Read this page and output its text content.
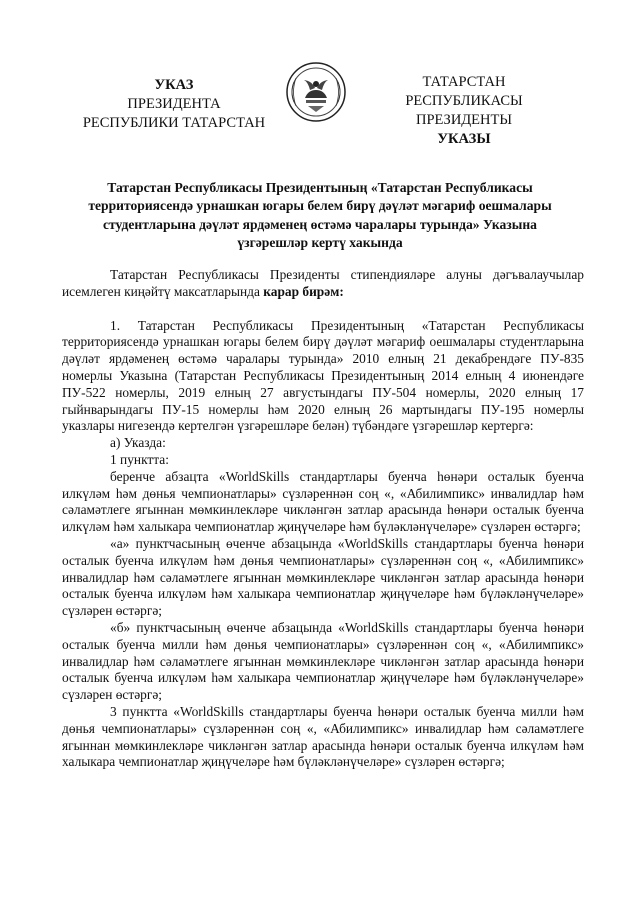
УКАЗ
ПРЕЗИДЕНТА
РЕСПУБЛИКИ ТАТАРСТАН
ТАТАРСТАН РЕСПУБЛИКАСЫ
ПРЕЗИДЕНТЫ
УКАЗЫ
Татарстан Республикасы Президентының «Татарстан Республикасы территориясендә урнашкан югары белем бирү дәүләт мәгариф оешмалары студентларына дәүләт ярдәменең өстәмә чаралары турында» Указына үзгәрешләр кертү хакында

Татарстан Республикасы Президенты стипендиялəре алуны дəгъвалаучылар исемлеген киңəйтү максатларында карар бирəм:

1. Татарстан Республикасы Президентының «Татарстан Республикасы территориясендә урнашкан югары белем бирү дәүләт мәгариф оешмалары студентларына дәүләт ярдәменең өстәмә чаралары турында» 2010 елның 21 декабрендәге ПУ-835 номерлы Указына (Татарстан Республикасы Президентының 2014 елның 4 июнендәге ПУ-522 номерлы, 2019 елның 27 августындагы ПУ-504 номерлы, 2020 елның 17 гыйнварындагы ПУ-15 номерлы һәм 2020 елның 26 мартындагы ПУ-195 номерлы указлары нигезендә кертелгән үзгәрешләре белән) түбәндәге үзгәрешләр кертергә:

а) Указда:

1 пунктта:

беренче абзацта «WorldSkills стандартлары буенча һөнәри осталык буенча илкүләм һәм дөнья чемпионатлары» сүзләреннән соң «, «Абилимпикс» инвалидлар һәм сәламәтлеге ягыннан мөмкинлекләре чикләнгән затлар арасында һөнәри осталык буенча илкүләм һәм халыкара чемпионатлар җиңүчеләре һәм бүләкләнүчеләре» сүзләрен өстәргә;

«а» пунктчасының өченче абзацында «WorldSkills стандартлары буенча һөнәри осталык буенча илкүләм һәм дөнья чемпионатлары» сүзләреннән соң «, «Абилимпикс» инвалидлар һәм сәламәтлеге ягыннан мөмкинлекләре чикләнгән затлар арасында һөнәри осталык буенча илкүләм һәм халыкара чемпионатлар җиңүчеләре һәм бүләкләнүчеләре» сүзләрен өстәргә;

«б» пунктчасының өченче абзацында «WorldSkills стандартлары буенча һөнәри осталык буенча милли һәм дөнья чемпионатлары» сүзләреннән соң «, «Абилимпикс» инвалидлар һәм сәламәтлеге ягыннан мөмкинлекләре чикләнгән затлар арасында һөнәри осталык буенча илкүләм һәм халыкара чемпионатлар җиңүчеләре һәм бүләкләнүчеләре» сүзләрен өстәргә;

3 пунктта «WorldSkills стандартлары буенча һөнәри осталык буенча милли һәм дөнья чемпионатлары» сүзләреннән соң «, «Абилимпикс» инвалидлар һәм сәламәтлеге ягыннан мөмкинлекләре чикләнгән затлар арасында һөнәри осталык буенча илкүләм һәм халыкара чемпионатлар җиңүчеләре һәм бүләкләнүчеләре» сүзләрен өстәргә;
